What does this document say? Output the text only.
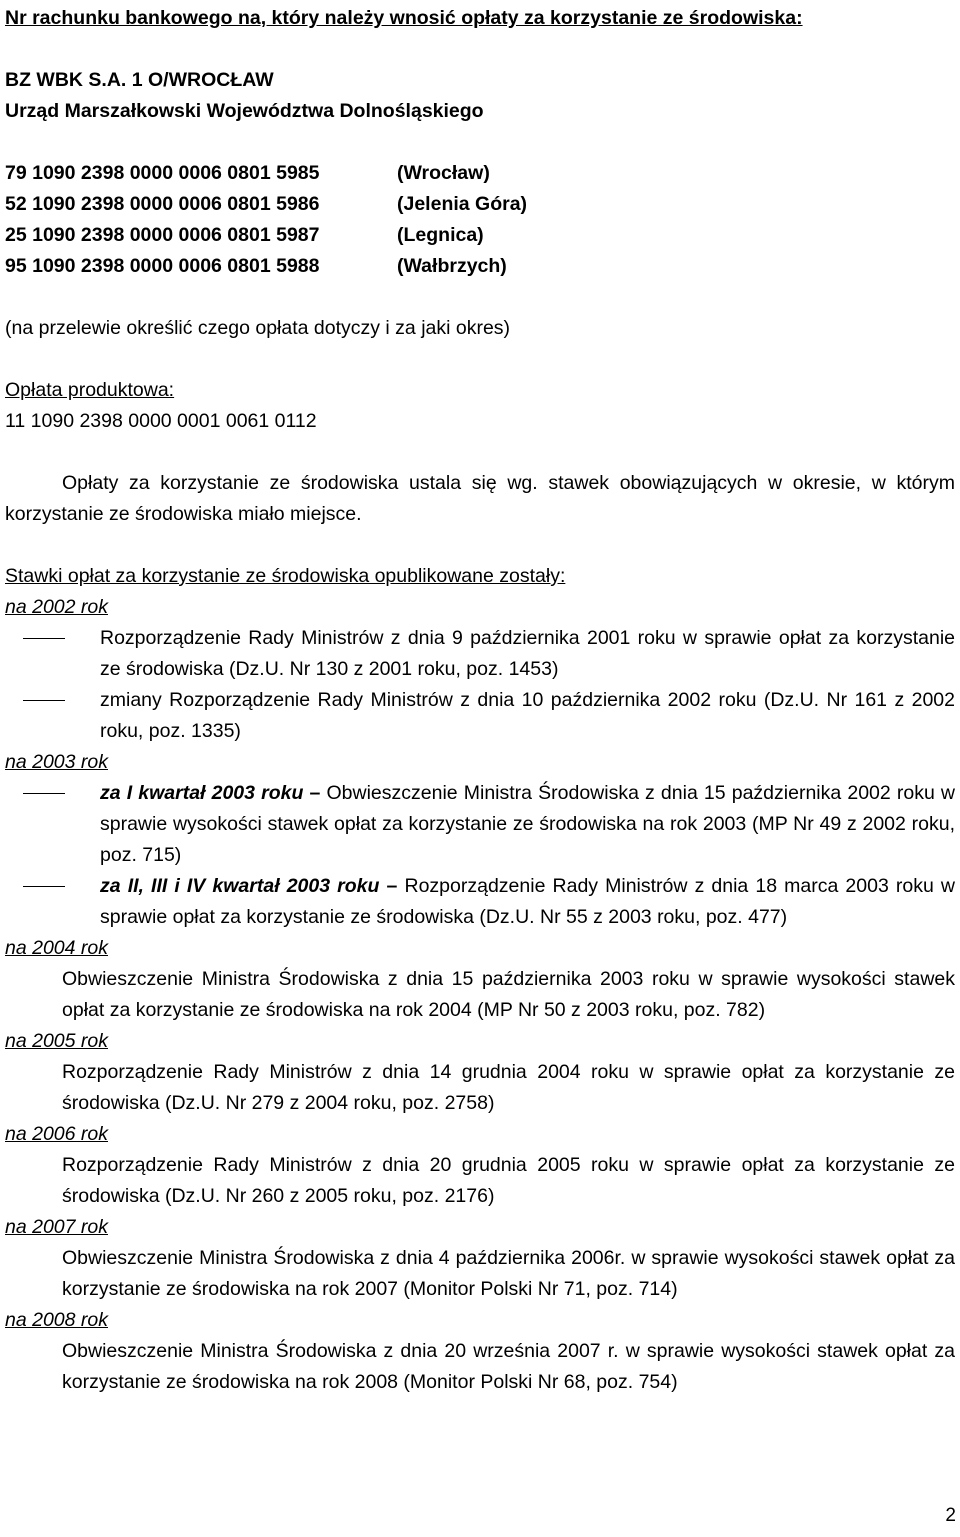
Nr rachunku bankowego na, który należy wnosić opłaty za korzystanie ze środowiska:
BZ WBK S.A. 1 O/WROCŁAW
Urząd Marszałkowski Województwa Dolnośląskiego
79 1090 2398 0000 0006 0801 5985	(Wrocław)
52 1090 2398 0000 0006 0801 5986	(Jelenia Góra)
25 1090 2398 0000 0006 0801 5987	(Legnica)
95 1090 2398 0000 0006 0801 5988	(Wałbrzych)
(na przelewie określić czego opłata dotyczy i za jaki okres)
Opłata produktowa:
11 1090 2398 0000 0001 0061 0112
Opłaty za korzystanie ze środowiska ustala się wg. stawek obowiązujących w okresie, w którym korzystanie ze środowiska miało miejsce.
Stawki opłat za korzystanie ze środowiska opublikowane zostały:
na 2002 rok
Rozporządzenie Rady Ministrów z dnia 9 października 2001 roku w sprawie opłat za korzystanie ze środowiska (Dz.U. Nr 130 z 2001 roku, poz. 1453)
zmiany Rozporządzenie Rady Ministrów z dnia 10 października 2002 roku (Dz.U. Nr 161 z 2002 roku, poz. 1335)
na 2003 rok
za I kwartał 2003 roku – Obwieszczenie Ministra Środowiska z dnia 15 października 2002 roku w sprawie wysokości stawek opłat za korzystanie ze środowiska na rok 2003 (MP Nr 49 z 2002 roku, poz. 715)
za II, III i IV kwartał 2003 roku – Rozporządzenie Rady Ministrów z dnia 18 marca 2003 roku w sprawie opłat za korzystanie ze środowiska (Dz.U. Nr 55 z 2003 roku, poz. 477)
na 2004 rok
Obwieszczenie Ministra Środowiska z dnia 15 października 2003 roku w sprawie wysokości stawek opłat za korzystanie ze środowiska na rok 2004 (MP Nr 50 z 2003 roku, poz. 782)
na 2005 rok
Rozporządzenie Rady Ministrów z dnia 14 grudnia 2004 roku w sprawie opłat za korzystanie ze środowiska (Dz.U. Nr 279 z 2004 roku, poz. 2758)
na 2006 rok
Rozporządzenie Rady Ministrów z dnia 20 grudnia 2005 roku w sprawie opłat za korzystanie ze środowiska (Dz.U. Nr 260 z 2005 roku, poz. 2176)
na 2007 rok
Obwieszczenie Ministra Środowiska z dnia 4 października 2006r. w sprawie wysokości stawek opłat za korzystanie ze środowiska na rok 2007 (Monitor Polski Nr 71, poz. 714)
na 2008 rok
Obwieszczenie Ministra Środowiska z dnia 20 września 2007 r. w sprawie wysokości stawek opłat za korzystanie ze środowiska na rok 2008 (Monitor Polski Nr 68, poz. 754)
2
